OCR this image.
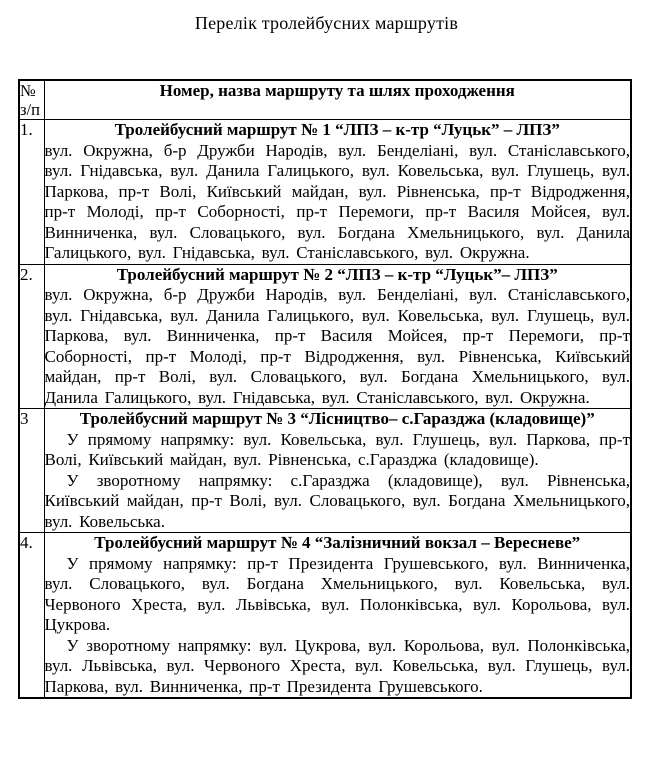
Перелік тролейбусних маршрутів
№
з/п	Номер, назва маршруту та шлях проходження
1.	Тролейбусний маршрут № 1 “ЛПЗ – к-тр “Луцьк” – ЛПЗ”

вул. Окружна, б-р Дружби Народів, вул. Бенделіані, вул. Станіславського, вул. Гнідавська, вул. Данила Галицького, вул. Ковельська, вул. Глушець, вул. Паркова, пр-т Волі, Київський майдан, вул. Рівненська, пр-т Відродження, пр-т Молоді, пр-т Соборності, пр-т Перемоги, пр-т Василя Мойсея, вул. Винниченка, вул. Словацького, вул. Богдана Хмельницького, вул. Данила Галицького, вул. Гнідавська, вул. Станіславського, вул. Окружна.

2.	Тролейбусний маршрут № 2 “ЛПЗ – к-тр “Луцьк”– ЛПЗ”

вул. Окружна, б-р Дружби Народів, вул. Бенделіані, вул. Станіславського, вул. Гнідавська, вул. Данила Галицького, вул. Ковельська, вул. Глушець, вул. Паркова, вул. Винниченка, пр-т Василя Мойсея, пр-т Перемоги, пр-т Соборності, пр-т Молоді, пр-т Відродження, вул. Рівненська, Київський майдан, пр-т Волі, вул. Словацького, вул. Богдана Хмельницького, вул. Данила Галицького, вул. Гнідавська, вул. Станіславського, вул. Окружна.

3	Тролейбусний маршрут № 3 “Лісництво– с.Гаразджа (кладовище)”

У прямому напрямку: вул. Ковельська, вул. Глушець, вул. Паркова, пр-т Волі, Київський майдан, вул. Рівненська, с.Гаразджа (кладовище).

У зворотному напрямку: с.Гаразджа (кладовище), вул. Рівненська, Київський майдан, пр-т Волі, вул. Словацького, вул. Богдана Хмельницького, вул. Ковельська.

4.	Тролейбусний маршрут № 4 “Залізничний вокзал – Вересневе”

У прямому напрямку: пр-т Президента Грушевського, вул. Винниченка, вул. Словацького, вул. Богдана Хмельницького, вул. Ковельська, вул. Червоного Хреста, вул. Львівська, вул. Полонківська, вул. Корольова, вул. Цукрова.

У зворотному напрямку: вул. Цукрова, вул. Корольова, вул. Полонківська, вул. Львівська, вул. Червоного Хреста, вул. Ковельська, вул. Глушець, вул. Паркова, вул. Винниченка, пр-т Президента Грушевського.
